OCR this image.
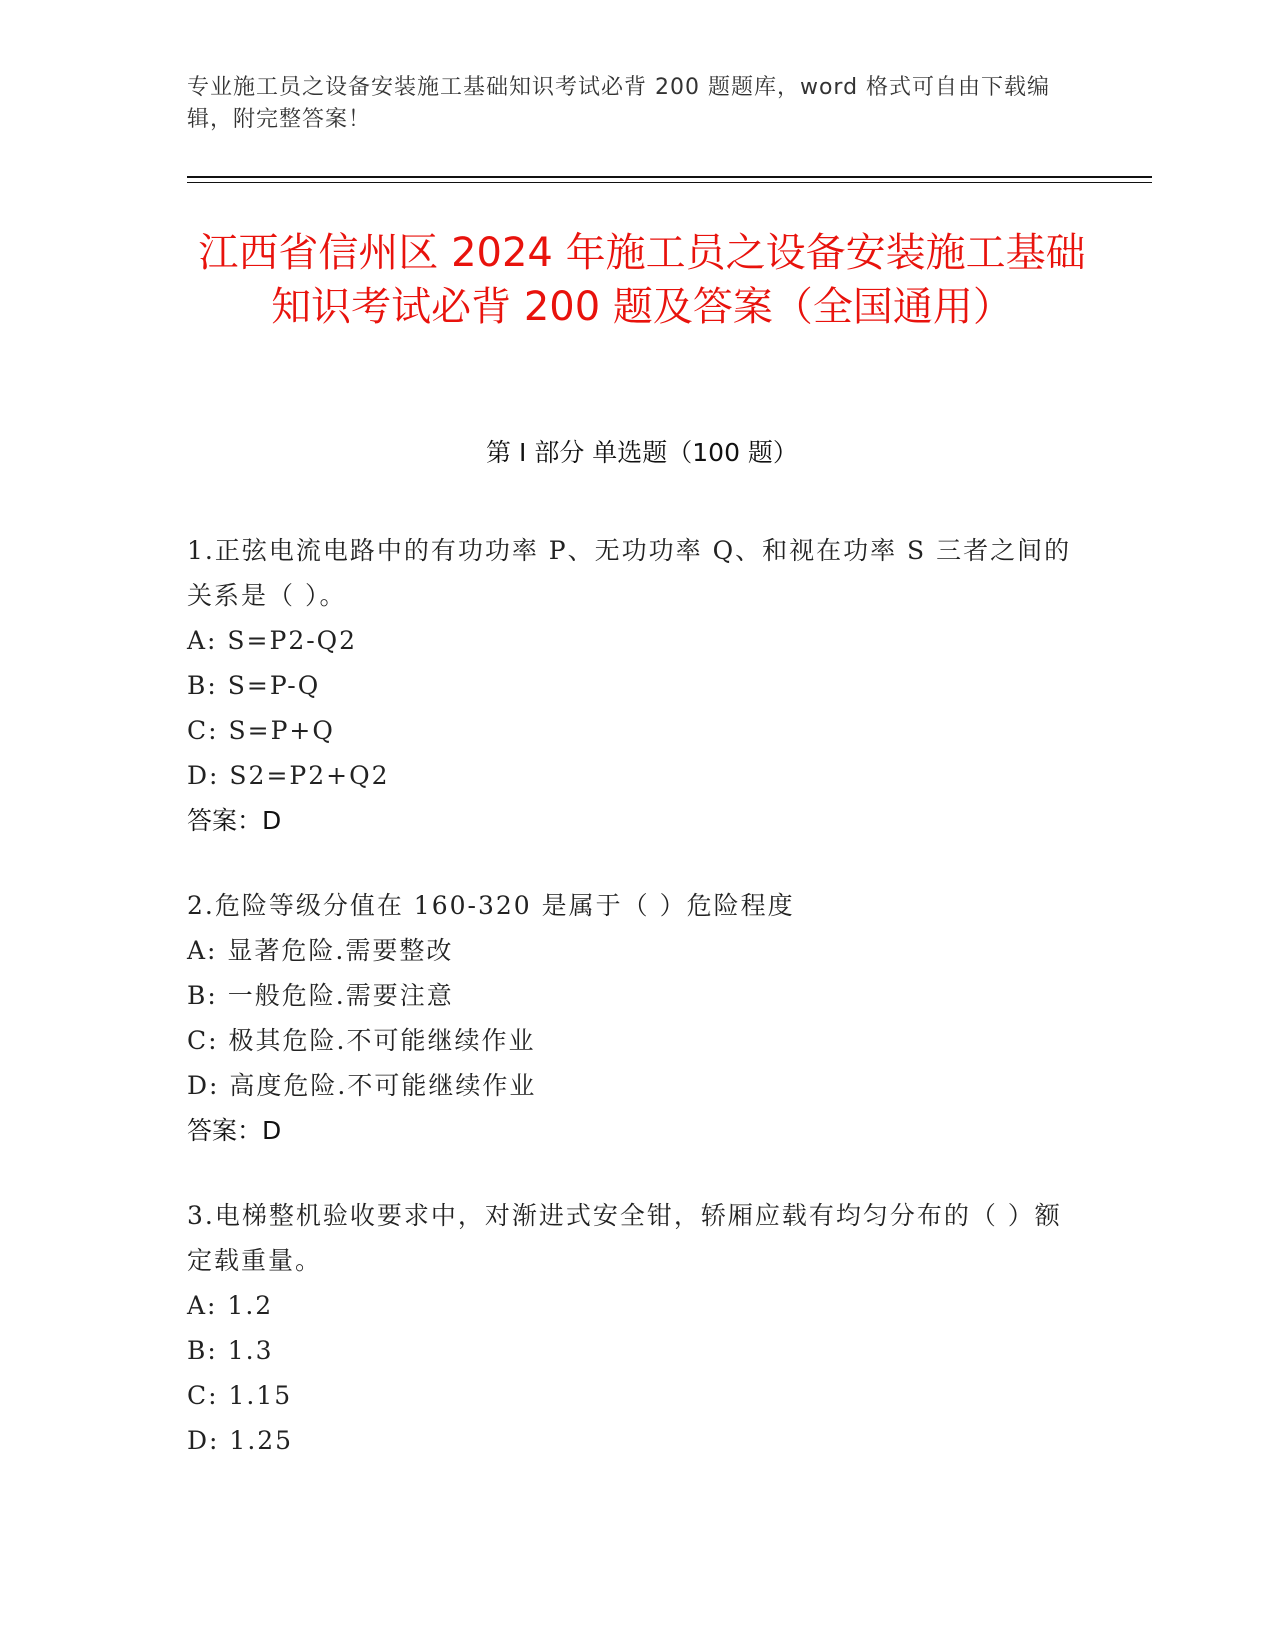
专业施工员之设备安装施工基础知识考试必背 200 题题库，word 格式可自由下载编辑，附完整答案！
江西省信州区 2024 年施工员之设备安装施工基础知识考试必背 200 题及答案（全国通用）
第 I 部分 单选题（100 题）
1.正弦电流电路中的有功功率 P、无功功率 Q、和视在功率 S 三者之间的关系是（ ）。
A: S=P2-Q2
B: S=P-Q
C: S=P+Q
D: S2=P2+Q2
答案：D
2.危险等级分值在 160-320 是属于（ ）危险程度
A: 显著危险.需要整改
B: 一般危险.需要注意
C: 极其危险.不可能继续作业
D: 高度危险.不可能继续作业
答案：D
3.电梯整机验收要求中，对渐进式安全钳，轿厢应载有均匀分布的（ ）额定载重量。
A: 1.2
B: 1.3
C: 1.15
D: 1.25
